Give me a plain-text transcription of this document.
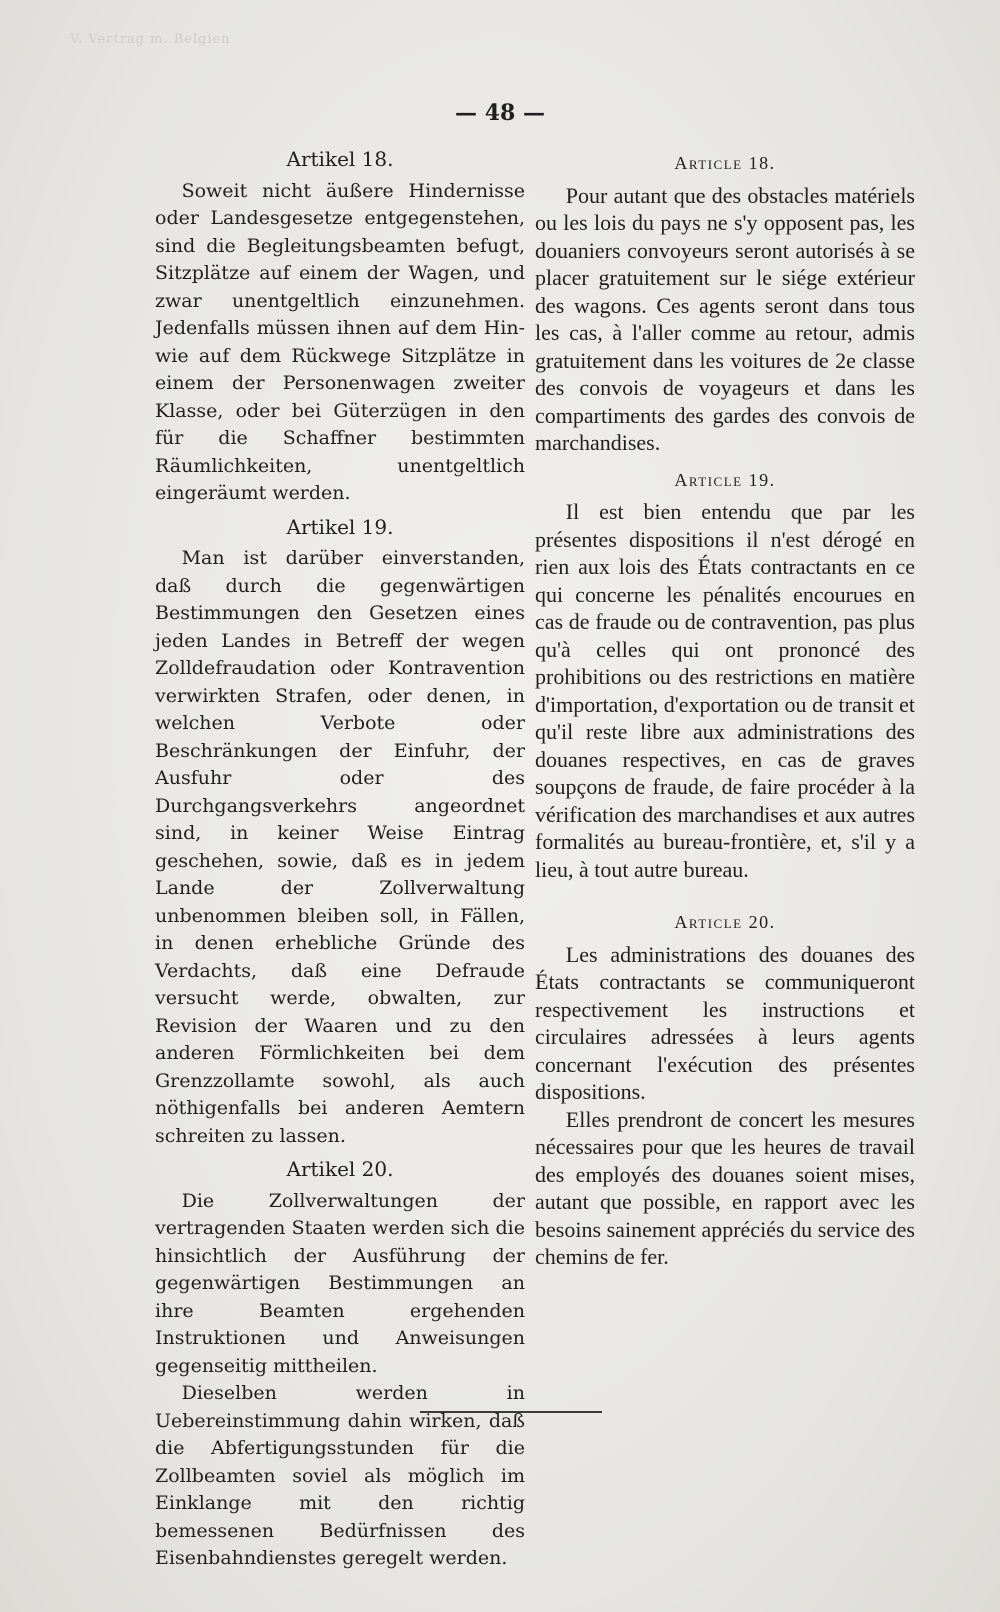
V. Vertrag m. Belgien
— 48 —

Artikel 18.

Soweit nicht äußere Hindernisse oder Landesgesetze entgegenstehen, sind die Begleitungsbeamten befugt, Sitzplätze auf einem der Wagen, und zwar unentgeltlich einzunehmen. Jedenfalls müssen ihnen auf dem Hin- wie auf dem Rückwege Sitzplätze in einem der Personenwagen zweiter Klasse, oder bei Güterzügen in den für die Schaffner bestimmten Räumlichkeiten, unentgeltlich eingeräumt werden.

Artikel 19.

Man ist darüber einverstanden, daß durch die gegenwärtigen Bestimmungen den Gesetzen eines jeden Landes in Betreff der wegen Zolldefraudation oder Kontravention verwirkten Strafen, oder denen, in welchen Verbote oder Beschränkungen der Einfuhr, der Ausfuhr oder des Durchgangsverkehrs angeordnet sind, in keiner Weise Eintrag geschehen, sowie, daß es in jedem Lande der Zollverwaltung unbenommen bleiben soll, in Fällen, in denen erhebliche Gründe des Verdachts, daß eine Defraude versucht werde, obwalten, zur Revision der Waaren und zu den anderen Förmlichkeiten bei dem Grenzzollamte sowohl, als auch nöthigenfalls bei anderen Aemtern schreiten zu lassen.

Artikel 20.

Die Zollverwaltungen der vertragenden Staaten werden sich die hinsichtlich der Ausführung der gegenwärtigen Bestimmungen an ihre Beamten ergehenden Instruktionen und Anweisungen gegenseitig mittheilen.

Dieselben werden in Uebereinstimmung dahin wirken, daß die Abfertigungsstunden für die Zollbeamten soviel als möglich im Einklange mit den richtig bemessenen Bedürfnissen des Eisenbahndienstes geregelt werden.

Article 18.

Pour autant que des obstacles matériels ou les lois du pays ne s'y opposent pas, les douaniers convoyeurs seront autorisés à se placer gratuitement sur le siége extérieur des wagons. Ces agents seront dans tous les cas, à l'aller comme au retour, admis gratuitement dans les voitures de 2e classe des convois de voyageurs et dans les compartiments des gardes des convois de marchandises.

Article 19.

Il est bien entendu que par les présentes dispositions il n'est dérogé en rien aux lois des États contractants en ce qui concerne les pénalités encourues en cas de fraude ou de contravention, pas plus qu'à celles qui ont prononcé des prohibitions ou des restrictions en matière d'importation, d'exportation ou de transit et qu'il reste libre aux administrations des douanes respectives, en cas de graves soupçons de fraude, de faire procéder à la vérification des marchandises et aux autres formalités au bureau-frontière, et, s'il y a lieu, à tout autre bureau.

Article 20.

Les administrations des douanes des États contractants se communiqueront respectivement les instructions et circulaires adressées à leurs agents concernant l'exécution des présentes dispositions.

Elles prendront de concert les mesures nécessaires pour que les heures de travail des employés des douanes soient mises, autant que possible, en rapport avec les besoins sainement appréciés du service des chemins de fer.
